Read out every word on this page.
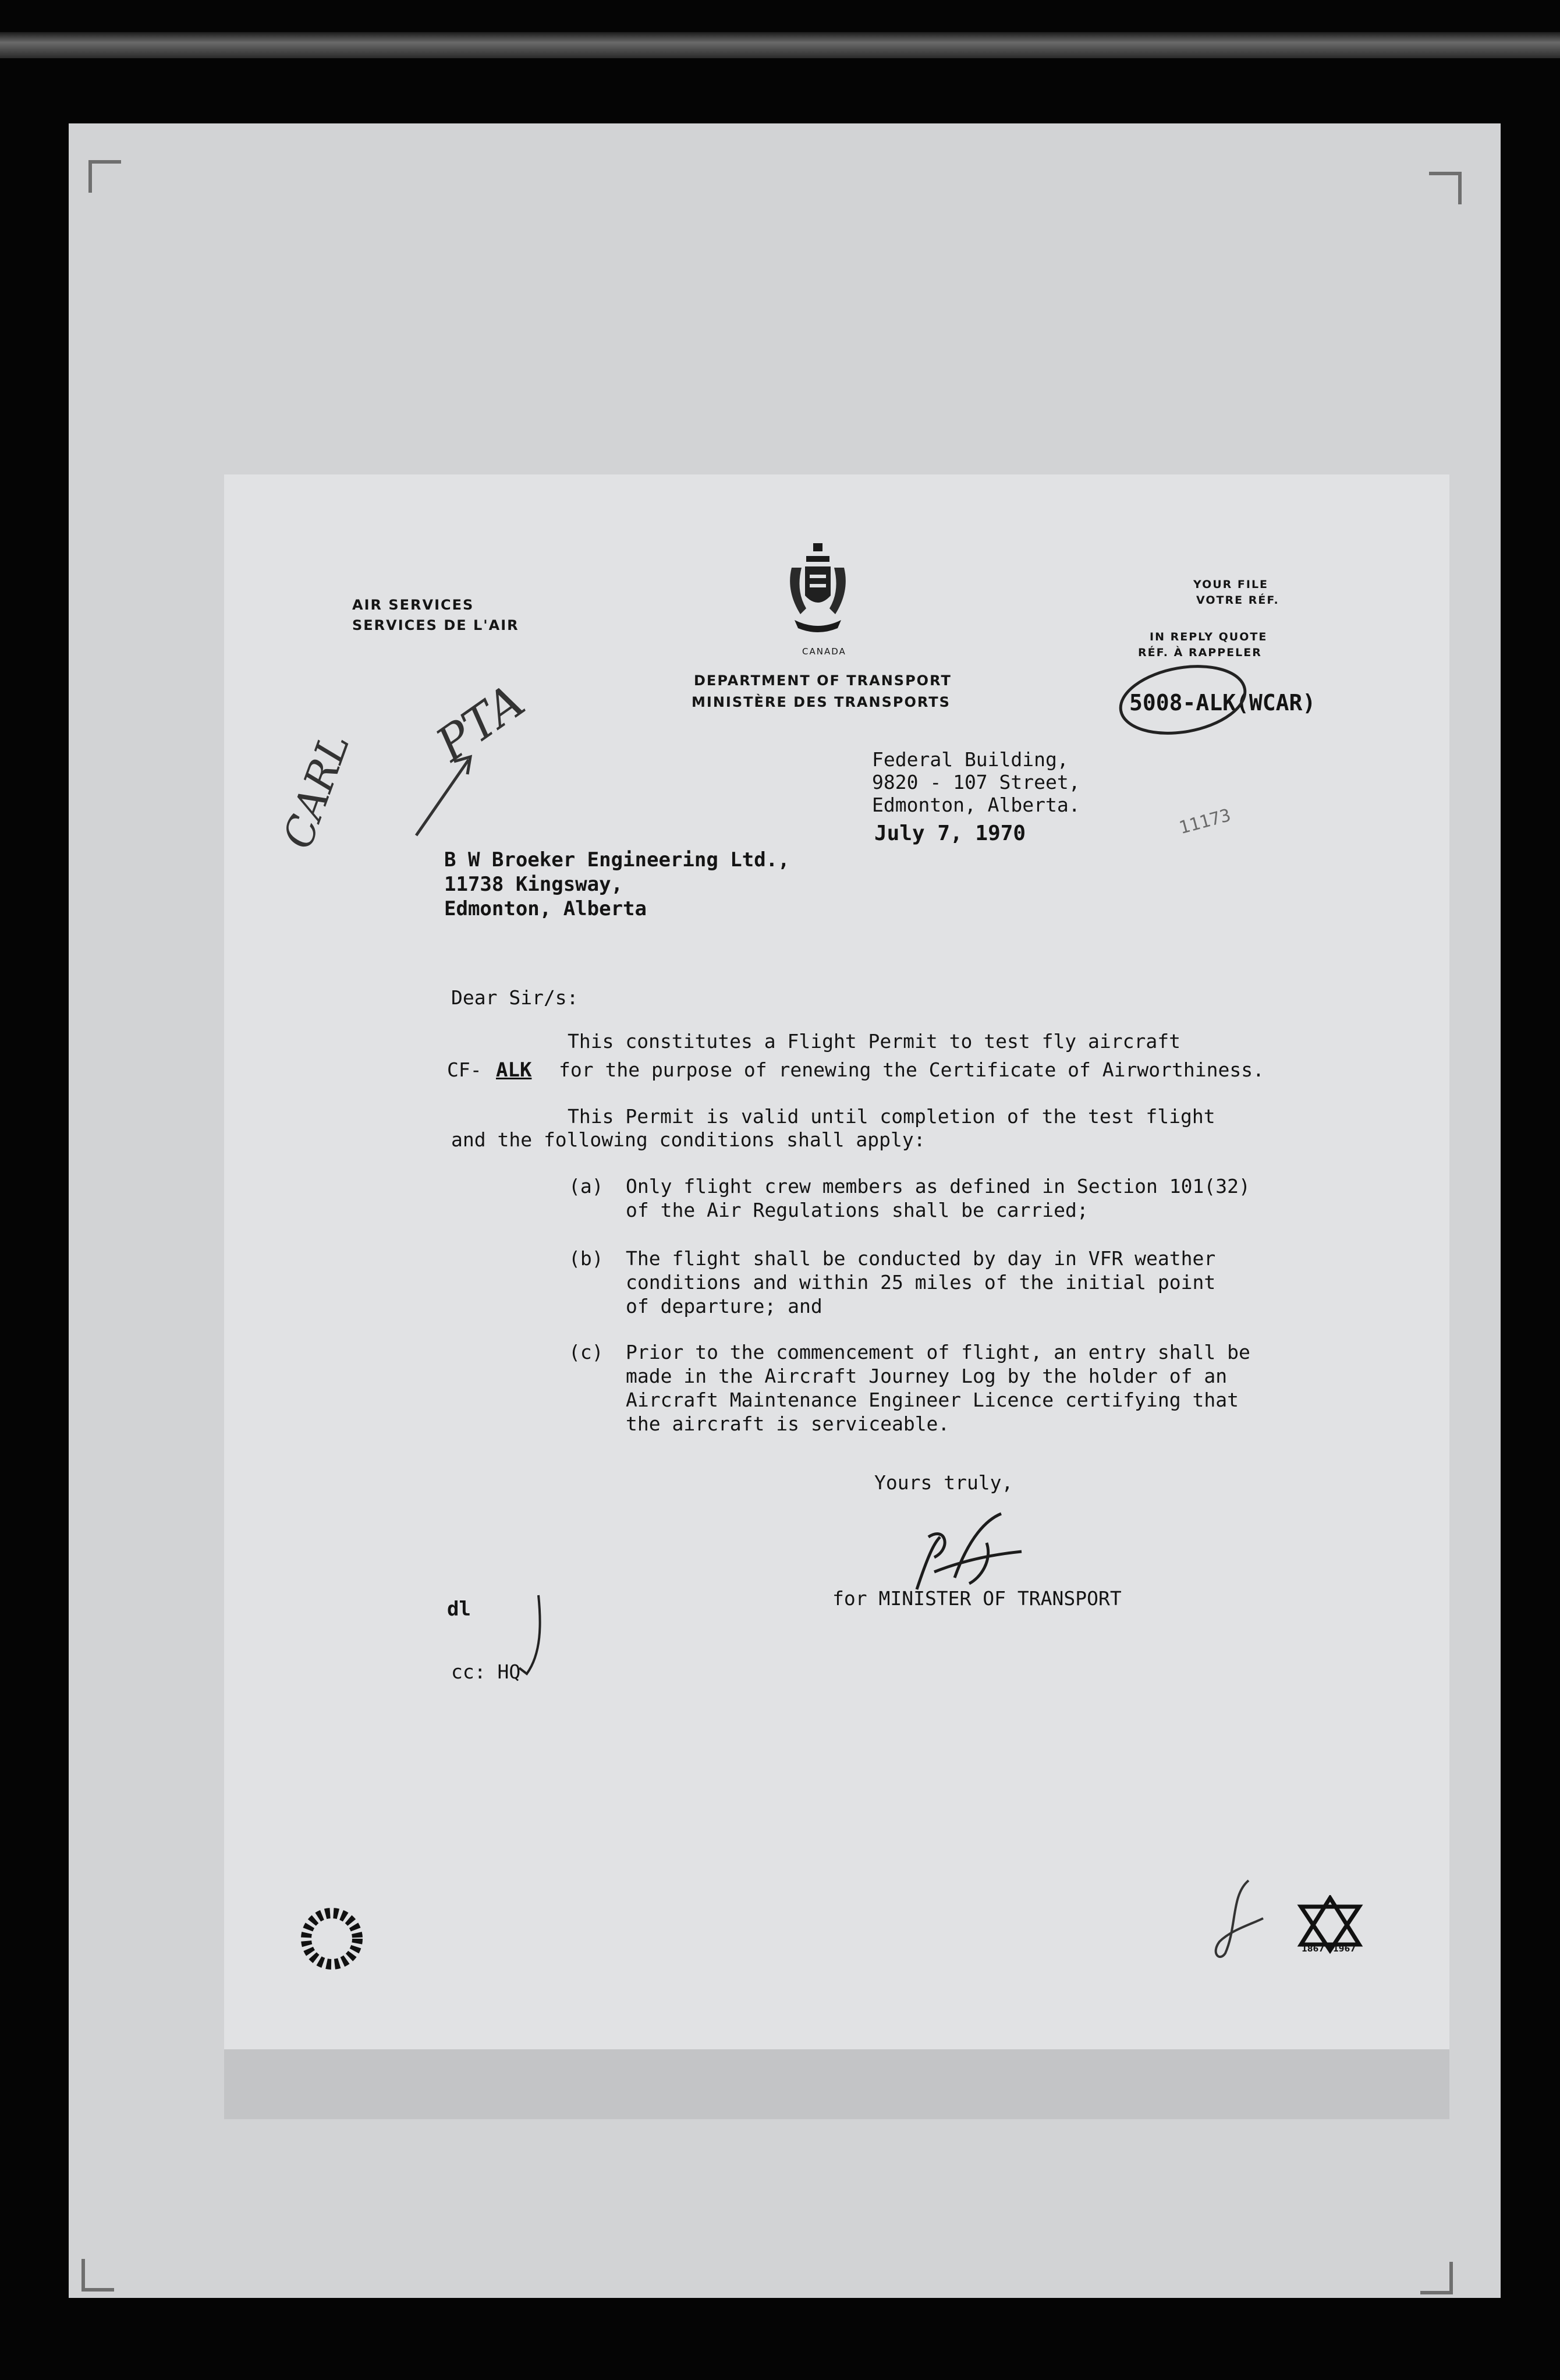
AIR SERVICES
SERVICES DE L'AIR
CANADA
DEPARTMENT OF TRANSPORT
MINISTÈRE DES TRANSPORTS
YOUR FILE
VOTRE RÉF.
IN REPLY QUOTE
RÉF. À RAPPELER
5008-ALK(WCAR)
Federal Building,
9820 - 107 Street,
Edmonton, Alberta.
July 7, 1970	11173
B W Broeker Engineering Ltd.,
11738 Kingsway,
Edmonton, Alberta
CARL
PTA
Dear Sir/s:
This constitutes a Flight Permit to test fly aircraft
CF- ALK for the purpose of renewing the Certificate of Airworthiness.
This Permit is valid until completion of the test flight
and the following conditions shall apply:
(a) Only flight crew members as defined in Section 101(32)
of the Air Regulations shall be carried;
(b) The flight shall be conducted by day in VFR weather
conditions and within 25 miles of the initial point
of departure; and
(c) Prior to the commencement of flight, an entry shall be
made in the Aircraft Journey Log by the holder of an
Aircraft Maintenance Engineer Licence certifying that
the aircraft is serviceable.
Yours truly,
for MINISTER OF TRANSPORT
dl
cc: HQ
1867 1967
